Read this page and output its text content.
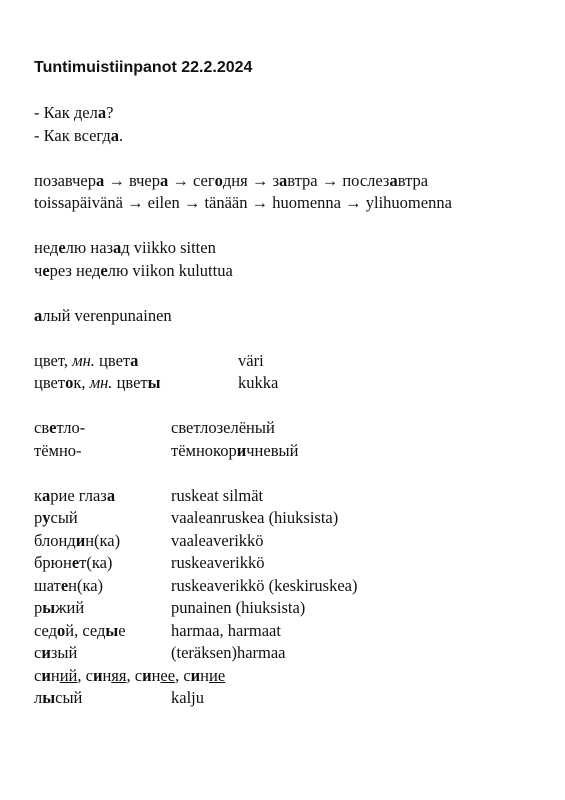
Tuntimuistiinpanot 22.2.2024
- Как дела?
- Как всегда.
позавчера → вчера → сегодня → завтра → послезавтра
toissapäivänä → eilen → tänään → huomenna → ylihuomenna
неделю назад viikko sitten
через неделю viikon kuluttua
алый verenpunainen
цвет, мн. цвета	väri
цветок, мн. цветы	kukka
светло-	светлозелёный
тёмно-	тёмнокоричневый
карие глаза	ruskeat silmät
русый	vaaleanruskea (hiuksista)
блондин(ка)	vaaleaverikkö
брюнет(ка)	ruskeaverikkö
шатен(ка)	ruskeaverikkö (keskiruskea)
рыжий	punainen (hiuksista)
седой, седые	harmaa, harmaat
сизый	(teräksen)harmaa
синий, синяя, синее, синие
лысый	kalju
